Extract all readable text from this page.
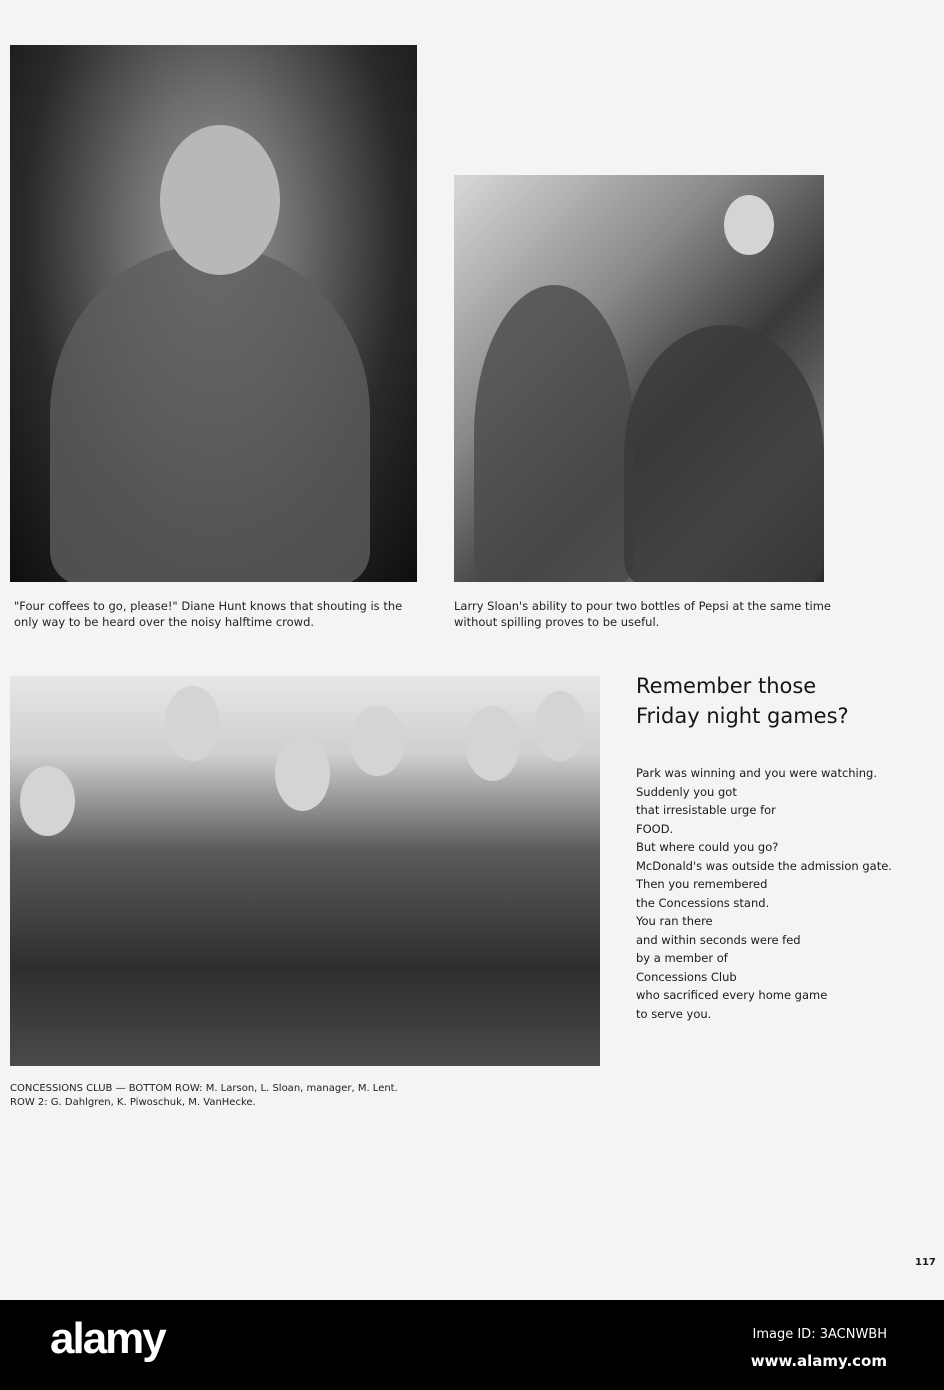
"Four coffees to go, please!" Diane Hunt knows that shouting is the only way to be heard over the noisy halftime crowd.
Larry Sloan's ability to pour two bottles of Pepsi at the same time without spilling proves to be useful.
CONCESSIONS CLUB — BOTTOM ROW: M. Larson, L. Sloan, manager, M. Lent.
ROW 2: G. Dahlgren, K. Piwoschuk, M. VanHecke.
Remember those Friday night games?
Park was winning and you were watching.
Suddenly you got
that irresistable urge for
FOOD.
But where could you go?
McDonald's was outside the admission gate.
Then you remembered
the Concessions stand.
You ran there
and within seconds were fed
by a member of
Concessions Club
who sacrificed every home game
to serve you.
117
alamy	Image ID: 3ACNWBH
www.alamy.com
